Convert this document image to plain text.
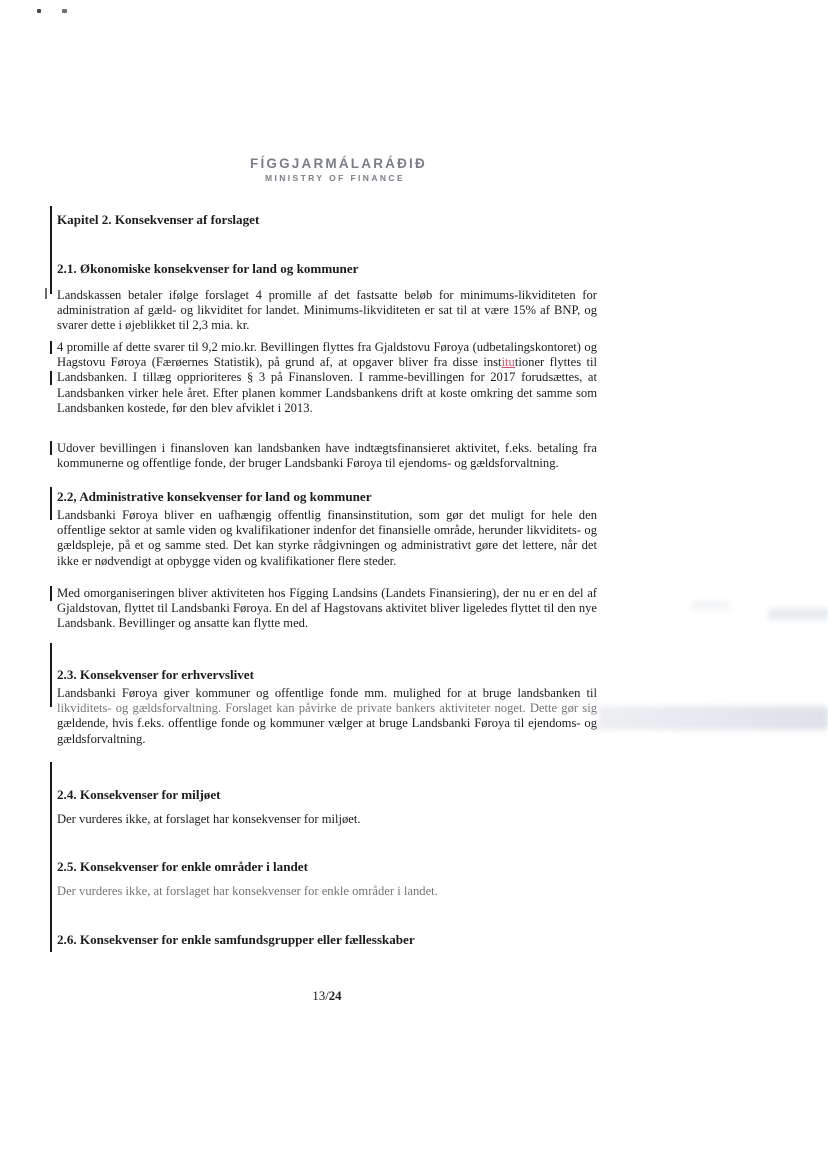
FÍGGJARMÁLARÁÐIÐ
MINISTRY OF FINANCE
Kapitel 2. Konsekvenser af forslaget
2.1. Økonomiske konsekvenser for land og kommuner
Landskassen betaler ifølge forslaget 4 promille af det fastsatte beløb for minimums-likviditeten for administration af gæld- og likviditet for landet. Minimums-likviditeten er sat til at være 15% af BNP, og svarer dette i øjeblikket til 2,3 mia. kr.
4 promille af dette svarer til 9,2 mio.kr. Bevillingen flyttes fra Gjaldstovu Føroya (udbetalingskontoret) og Hagstovu Føroya (Færøernes Statistik), på grund af, at opgaver bliver fra disse institutioner flyttes til Landsbanken. I tillæg opprioriteres § 3 på Finansloven. I ramme-bevillingen for 2017 forudsættes, at Landsbanken virker hele året. Efter planen kommer Landsbankens drift at koste omkring det samme som Landsbanken kostede, før den blev afviklet i 2013.
Udover bevillingen i finansloven kan landsbanken have indtægtsfinansieret aktivitet, f.eks. betaling fra kommunerne og offentlige fonde, der bruger Landsbanki Føroya til ejendoms- og gældsforvaltning.
2.2, Administrative konsekvenser for land og kommuner
Landsbanki Føroya bliver en uafhængig offentlig finansinstitution, som gør det muligt for hele den offentlige sektor at samle viden og kvalifikationer indenfor det finansielle område, herunder likviditets- og gældspleje, på et og samme sted. Det kan styrke rådgivningen og administrativt gøre det lettere, når det ikke er nødvendigt at opbygge viden og kvalifikationer flere steder.
Med omorganiseringen bliver aktiviteten hos Fígging Landsins (Landets Finansiering), der nu er en del af Gjaldstovan, flyttet til Landsbanki Føroya. En del af Hagstovans aktivitet bliver ligeledes flyttet til den nye Landsbank. Bevillinger og ansatte kan flytte med.
2.3. Konsekvenser for erhvervslivet
Landsbanki Føroya giver kommuner og offentlige fonde mm. mulighed for at bruge landsbanken til likviditets- og gældsforvaltning. Forslaget kan påvirke de private bankers aktiviteter noget. Dette gør sig gældende, hvis f.eks. offentlige fonde og kommuner vælger at bruge Landsbanki Føroya til ejendoms- og gældsforvaltning.
2.4. Konsekvenser for miljøet
Der vurderes ikke, at forslaget har konsekvenser for miljøet.
2.5. Konsekvenser for enkle områder i landet
Der vurderes ikke, at forslaget har konsekvenser for enkle områder i landet.
2.6. Konsekvenser for enkle samfundsgrupper eller fællesskaber
13/24
